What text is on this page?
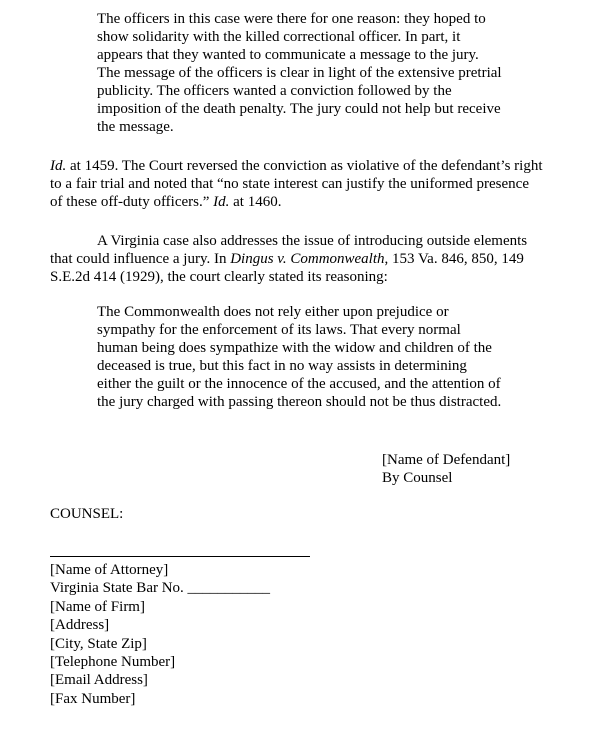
The officers in this case were there for one reason: they hoped to
show solidarity with the killed correctional officer. In part, it
appears that they wanted to communicate a message to the jury.
The message of the officers is clear in light of the extensive pretrial
publicity. The officers wanted a conviction followed by the
imposition of the death penalty. The jury could not help but receive
the message.
Id. at 1459. The Court reversed the conviction as violative of the defendant’s right
to a fair trial and noted that “no state interest can justify the uniformed presence
of these off-duty officers.” Id. at 1460.
A Virginia case also addresses the issue of introducing outside elements
that could influence a jury. In Dingus v. Commonwealth, 153 Va. 846, 850, 149
S.E.2d 414 (1929), the court clearly stated its reasoning:
The Commonwealth does not rely either upon prejudice or
sympathy for the enforcement of its laws. That every normal
human being does sympathize with the widow and children of the
deceased is true, but this fact in no way assists in determining
either the guilt or the innocence of the accused, and the attention of
the jury charged with passing thereon should not be thus distracted.
[Name of Defendant]
By Counsel
COUNSEL:
[Name of Attorney]
Virginia State Bar No. ___________
[Name of Firm]
[Address]
[City, State Zip]
[Telephone Number]
[Email Address]
[Fax Number]
